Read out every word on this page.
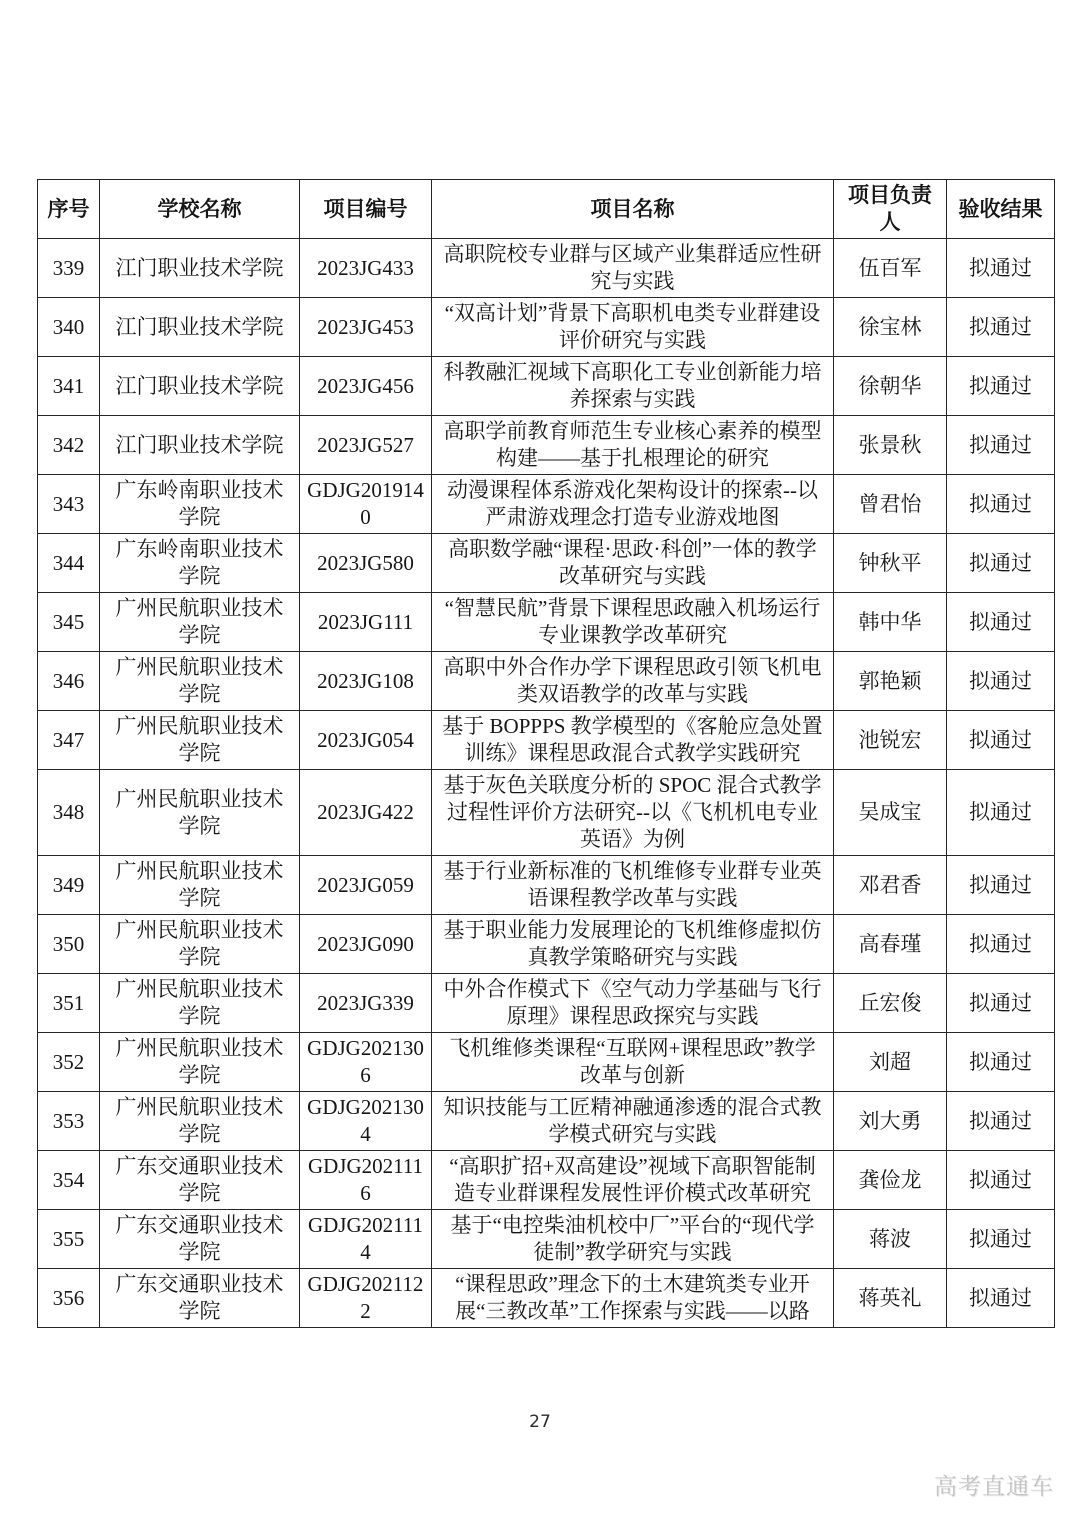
序号	学校名称	项目编号	项目名称	项目负责人	验收结果
339	江门职业技术学院	2023JG433	高职院校专业群与区域产业集群适应性研究与实践	伍百军	拟通过
340	江门职业技术学院	2023JG453	“双高计划”背景下高职机电类专业群建设评价研究与实践	徐宝林	拟通过
341	江门职业技术学院	2023JG456	科教融汇视域下高职化工专业创新能力培养探索与实践	徐朝华	拟通过
342	江门职业技术学院	2023JG527	高职学前教育师范生专业核心素养的模型构建——基于扎根理论的研究	张景秋	拟通过
343	广东岭南职业技术学院	GDJG2019140	动漫课程体系游戏化架构设计的探索--以严肃游戏理念打造专业游戏地图	曾君怡	拟通过
344	广东岭南职业技术学院	2023JG580	高职数学融“课程·思政·科创”一体的教学改革研究与实践	钟秋平	拟通过
345	广州民航职业技术学院	2023JG111	“智慧民航”背景下课程思政融入机场运行专业课教学改革研究	韩中华	拟通过
346	广州民航职业技术学院	2023JG108	高职中外合作办学下课程思政引领飞机电类双语教学的改革与实践	郭艳颖	拟通过
347	广州民航职业技术学院	2023JG054	基于 BOPPPS 教学模型的《客舱应急处置训练》课程思政混合式教学实践研究	池锐宏	拟通过
348	广州民航职业技术学院	2023JG422	基于灰色关联度分析的 SPOC 混合式教学过程性评价方法研究--以《飞机机电专业英语》为例	吴成宝	拟通过
349	广州民航职业技术学院	2023JG059	基于行业新标准的飞机维修专业群专业英语课程教学改革与实践	邓君香	拟通过
350	广州民航职业技术学院	2023JG090	基于职业能力发展理论的飞机维修虚拟仿真教学策略研究与实践	高春瑾	拟通过
351	广州民航职业技术学院	2023JG339	中外合作模式下《空气动力学基础与飞行原理》课程思政探究与实践	丘宏俊	拟通过
352	广州民航职业技术学院	GDJG2021306	飞机维修类课程“互联网+课程思政”教学改革与创新	刘超	拟通过
353	广州民航职业技术学院	GDJG2021304	知识技能与工匠精神融通渗透的混合式教学模式研究与实践	刘大勇	拟通过
354	广东交通职业技术学院	GDJG2021116	“高职扩招+双高建设”视域下高职智能制造专业群课程发展性评价模式改革研究	龚俭龙	拟通过
355	广东交通职业技术学院	GDJG2021114	基于“电控柴油机校中厂”平台的“现代学徒制”教学研究与实践	蒋波	拟通过
356	广东交通职业技术学院	GDJG2021122	“课程思政”理念下的土木建筑类专业开展“三教改革”工作探索与实践——以路	蒋英礼	拟通过
27
高考直通车
